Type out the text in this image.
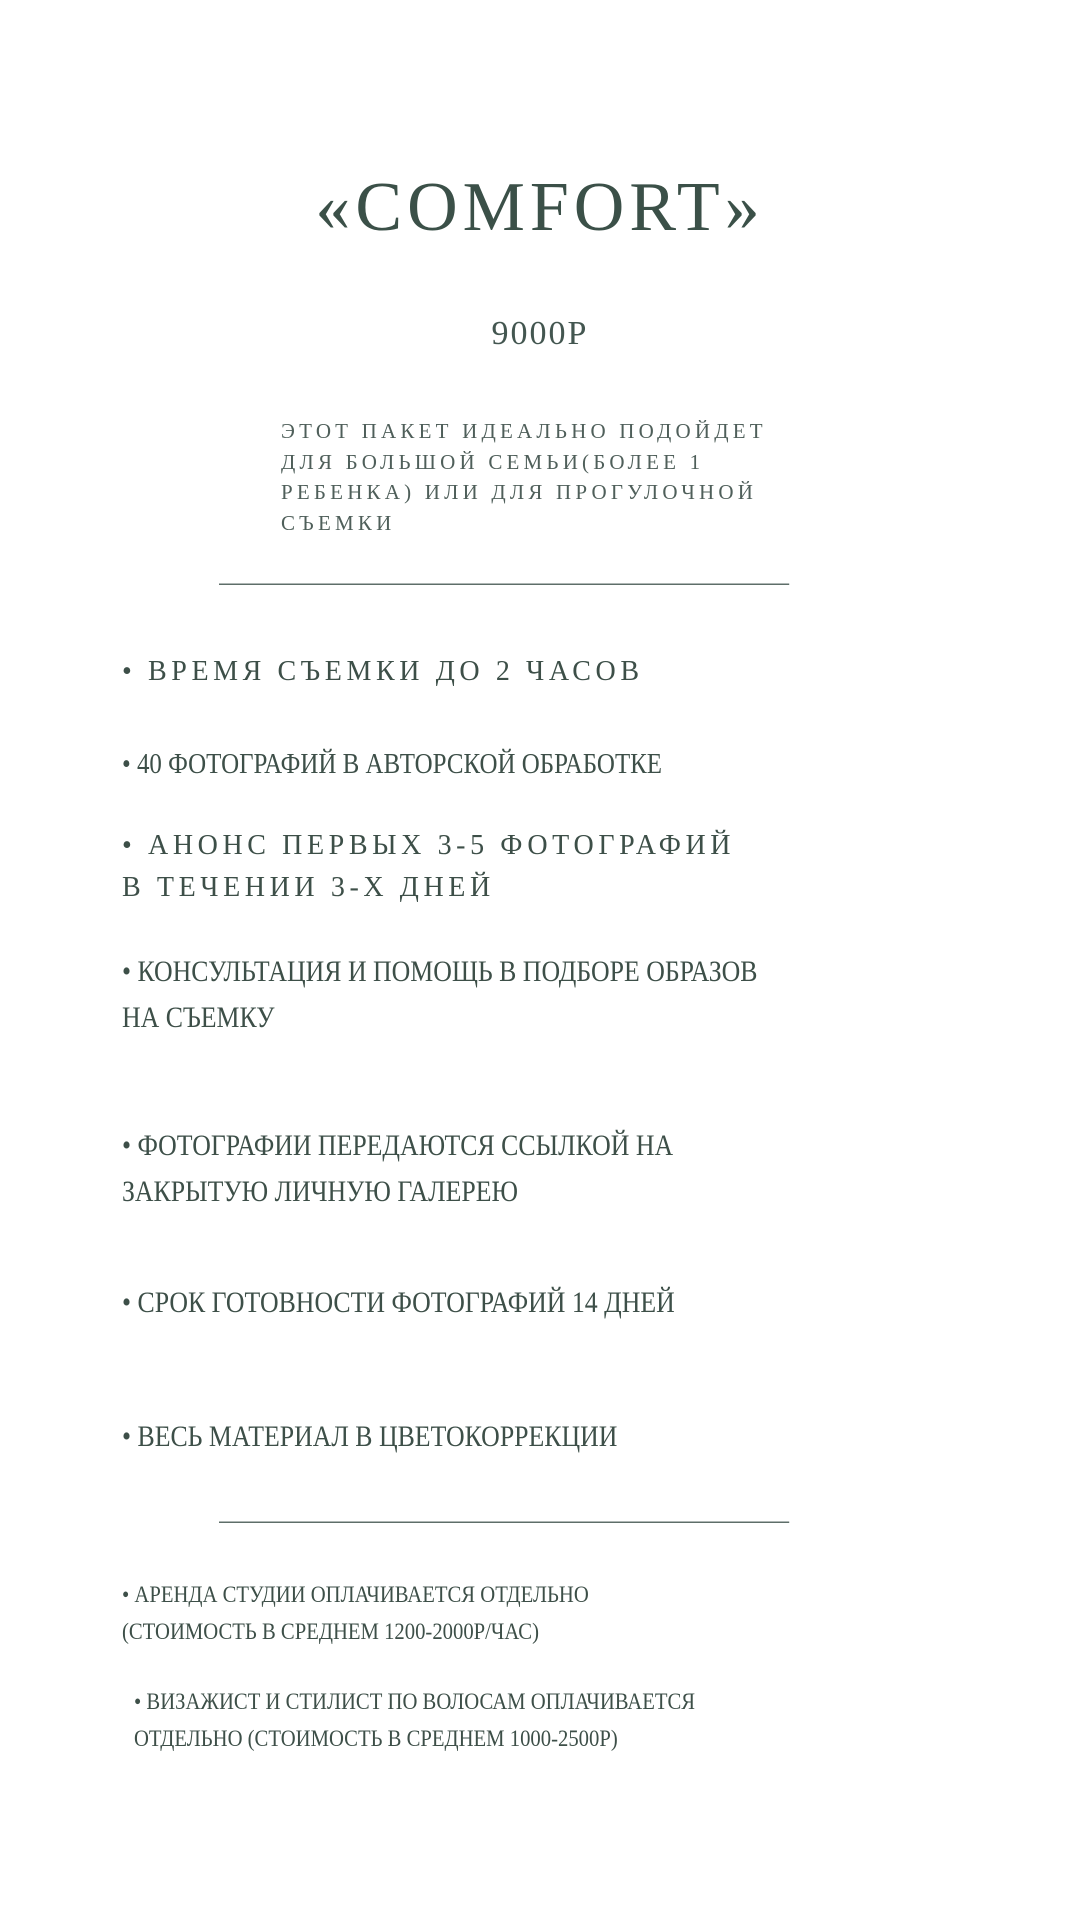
«COMFORT»
9000Р
ЭТОТ ПАКЕТ ИДЕАЛЬНО ПОДОЙДЕТ
ДЛЯ БОЛЬШОЙ СЕМЬИ(БОЛЕЕ 1
РЕБЕНКА) ИЛИ ДЛЯ ПРОГУЛОЧНОЙ
СЪЕМКИ
———————————————————
• ВРЕМЯ СЪЕМКИ ДО 2 ЧАСОВ
• 40 ФОТОГРАФИЙ В АВТОРСКОЙ ОБРАБОТКЕ
• АНОНС ПЕРВЫХ 3-5 ФОТОГРАФИЙ
В ТЕЧЕНИИ 3-Х ДНЕЙ
• КОНСУЛЬТАЦИЯ И ПОМОЩЬ В ПОДБОРЕ ОБРАЗОВ
НА СЪЕМКУ
• ФОТОГРАФИИ ПЕРЕДАЮТСЯ ССЫЛКОЙ НА
ЗАКРЫТУЮ ЛИЧНУЮ ГАЛЕРЕЮ
• СРОК ГОТОВНОСТИ ФОТОГРАФИЙ 14 ДНЕЙ
• ВЕСЬ МАТЕРИАЛ В ЦВЕТОКОРРЕКЦИИ
———————————————————
• АРЕНДА СТУДИИ ОПЛАЧИВАЕТСЯ ОТДЕЛЬНО
(СТОИМОСТЬ В СРЕДНЕМ 1200-2000Р/ЧАС)
• ВИЗАЖИСТ И СТИЛИСТ ПО ВОЛОСАМ ОПЛАЧИВАЕТСЯ
ОТДЕЛЬНО (СТОИМОСТЬ В СРЕДНЕМ 1000-2500Р)
